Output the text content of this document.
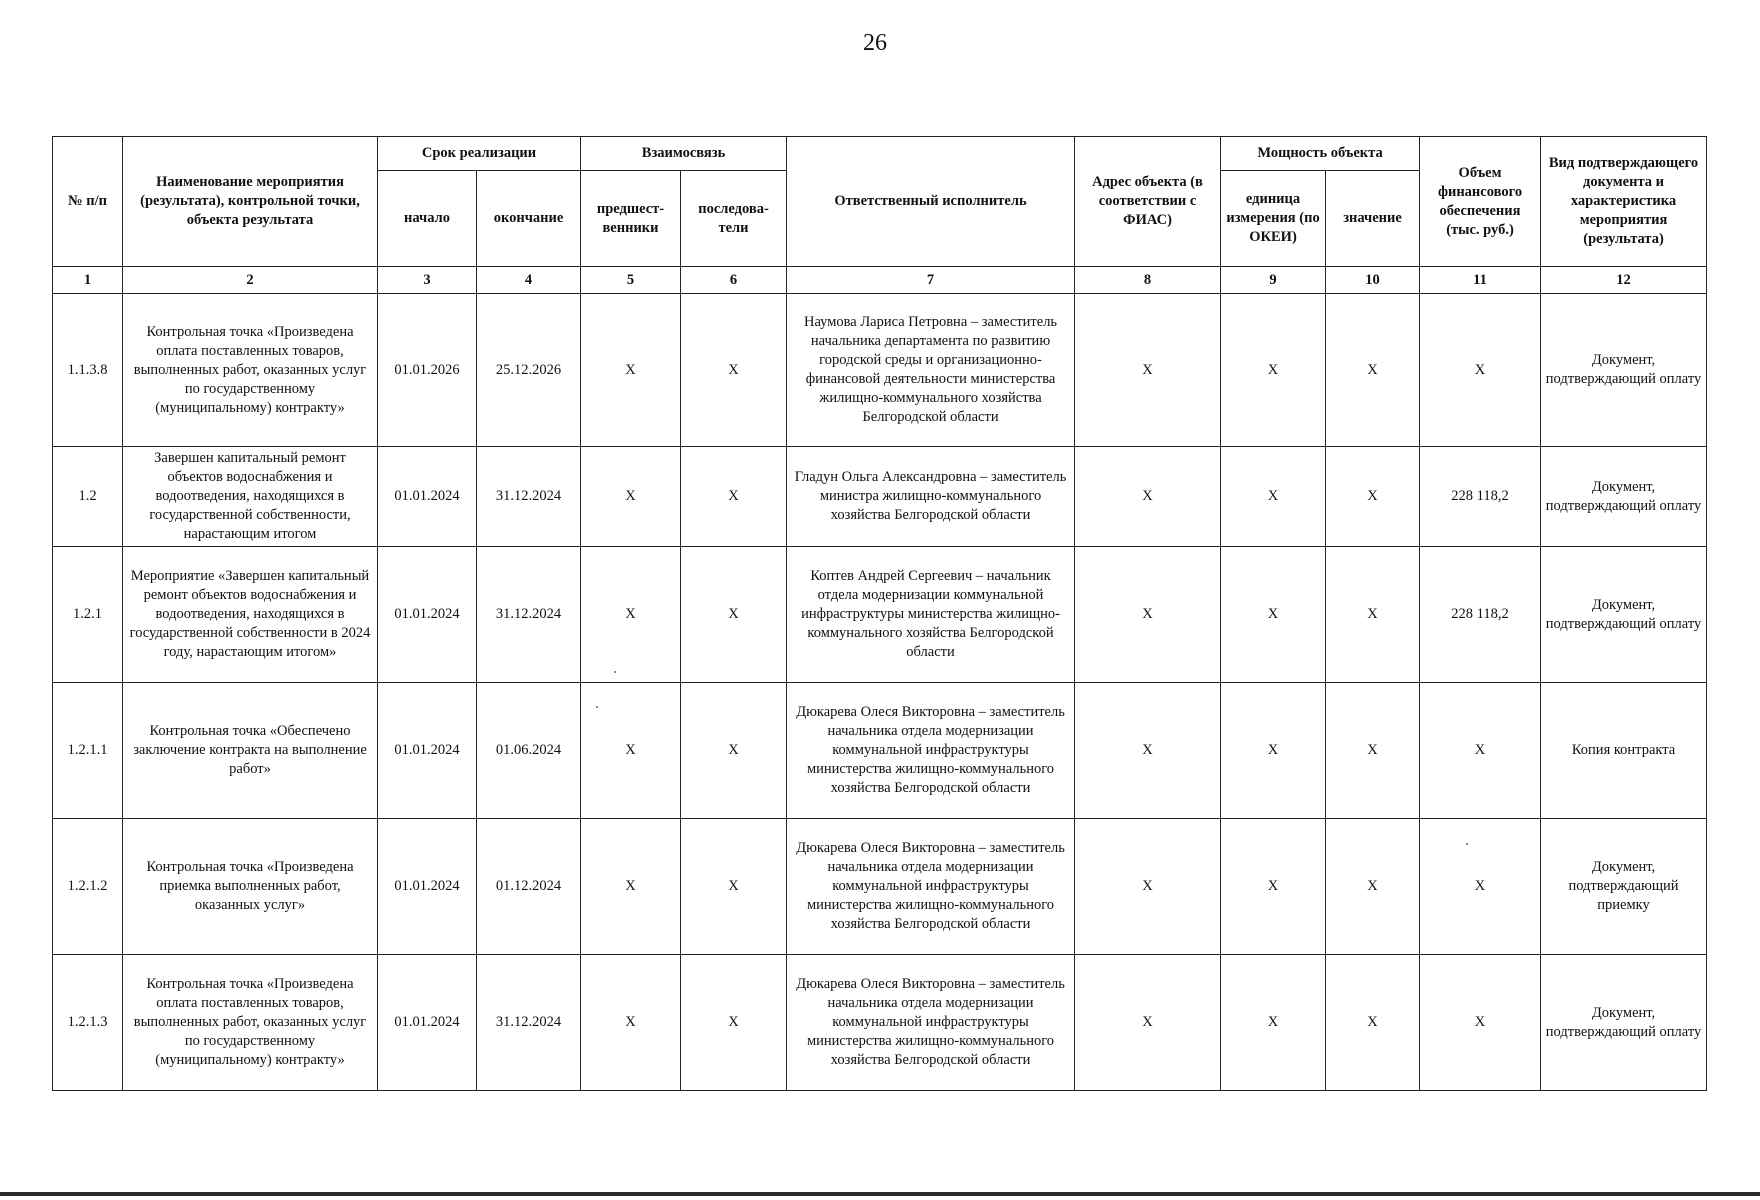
26
№ п/п	Наименование мероприятия (результата), контрольной точки, объекта результата	Срок реализации		Взаимосвязь		Ответственный исполнитель	Адрес объекта (в соответствии с ФИАС)	Мощность объекта		Объем финансового обеспечения (тыс. руб.)	Вид подтверждающего документа и характеристика мероприятия (результата)
		начало	окончание	предшест-венники	последова-тели			единица измерения (по ОКЕИ)	значение		
1	2	3	4	5	6	7	8	9	10	11	12
1.1.3.8	Контрольная точка «Произведена оплата поставленных товаров, выполненных работ, оказанных услуг по государственному (муниципальному) контракту»	01.01.2026	25.12.2026	X	X	Наумова Лариса Петровна – заместитель начальника департамента по развитию городской среды и организационно-финансовой деятельности министерства жилищно-коммунального хозяйства Белгородской области	X	X	X	X	Документ, подтверждающий оплату
1.2	Завершен капитальный ремонт объектов водоснабжения и водоотведения, находящихся в государственной собственности, нарастающим итогом	01.01.2024	31.12.2024	X	X	Гладун Ольга Александровна – заместитель министра жилищно-коммунального хозяйства Белгородской области	X	X	X	228 118,2	Документ, подтверждающий оплату
1.2.1	Мероприятие «Завершен капитальный ремонт объектов водоснабжения и водоотведения, находящихся в государственной собственности в 2024 году, нарастающим итогом»	01.01.2024	31.12.2024	X	X	Коптев Андрей Сергеевич – начальник отдела модернизации коммунальной инфраструктуры министерства жилищно-коммунального хозяйства Белгородской области	X	X	X	228 118,2	Документ, подтверждающий оплату
1.2.1.1	Контрольная точка «Обеспечено заключение контракта на выполнение работ»	01.01.2024	01.06.2024	X	X	Дюкарева Олеся Викторовна – заместитель начальника отдела модернизации коммунальной инфраструктуры министерства жилищно-коммунального хозяйства Белгородской области	X	X	X	X	Копия контракта
1.2.1.2	Контрольная точка «Произведена приемка выполненных работ, оказанных услуг»	01.01.2024	01.12.2024	X	X	Дюкарева Олеся Викторовна – заместитель начальника отдела модернизации коммунальной инфраструктуры министерства жилищно-коммунального хозяйства Белгородской области	X	X	X	X	Документ, подтверждающий приемку
1.2.1.3	Контрольная точка «Произведена оплата поставленных товаров, выполненных работ, оказанных услуг по государственному (муниципальному) контракту»	01.01.2024	31.12.2024	X	X	Дюкарева Олеся Викторовна – заместитель начальника отдела модернизации коммунальной инфраструктуры министерства жилищно-коммунального хозяйства Белгородской области	X	X	X	X	Документ, подтверждающий оплату
